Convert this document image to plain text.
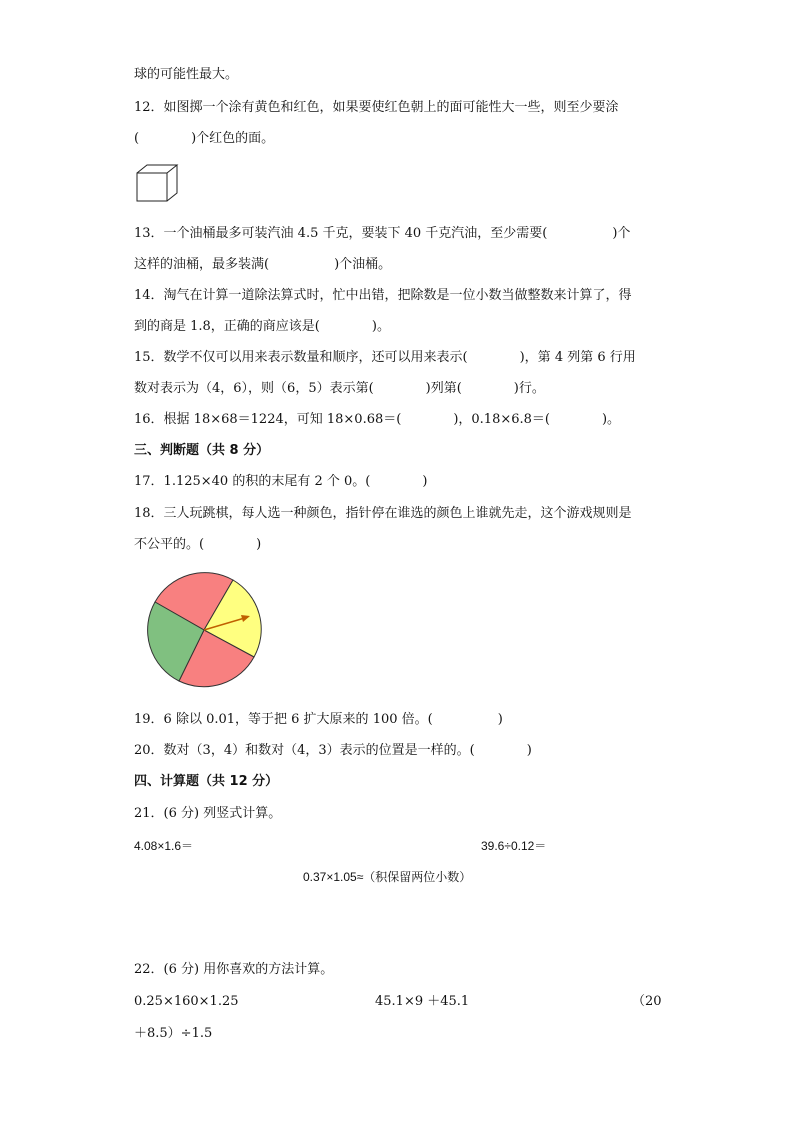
球的可能性最大。
12．如图掷一个涂有黄色和红色，如果要使红色朝上的面可能性大一些，则至少要涂
(　　　　)个红色的面。
13．一个油桶最多可装汽油 4.5 千克，要装下 40 千克汽油，至少需要(　　　　　)个
这样的油桶，最多装满(　　　　　)个油桶。
14．淘气在计算一道除法算式时，忙中出错，把除数是一位小数当做整数来计算了，得
到的商是 1.8，正确的商应该是(　　　　)。
15．数学不仅可以用来表示数量和顺序，还可以用来表示(　　　　)，第 4 列第 6 行用
数对表示为（4，6），则（6，5）表示第(　　　　)列第(　　　　)行。
16．根据 18×68＝1224，可知 18×0.68＝(　　　　)，0.18×6.8＝(　　　　)。
三、判断题（共 8 分）
17．1.125×40 的积的末尾有 2 个 0。(　　　　)
18．三人玩跳棋，每人选一种颜色，指针停在谁选的颜色上谁就先走，这个游戏规则是
不公平的。(　　　　)
19．6 除以 0.01，等于把 6 扩大原来的 100 倍。(　　　　　)
20．数对（3，4）和数对（4，3）表示的位置是一样的。(　　　　)
四、计算题（共 12 分）
21．(6 分) 列竖式计算。
4.08×1.6＝	39.6÷0.12＝
0.37×1.05≈（积保留两位小数）
22．(6 分) 用你喜欢的方法计算。
0.25×160×1.25	45.1×9 ＋45.1	（20
＋8.5）÷1.5
